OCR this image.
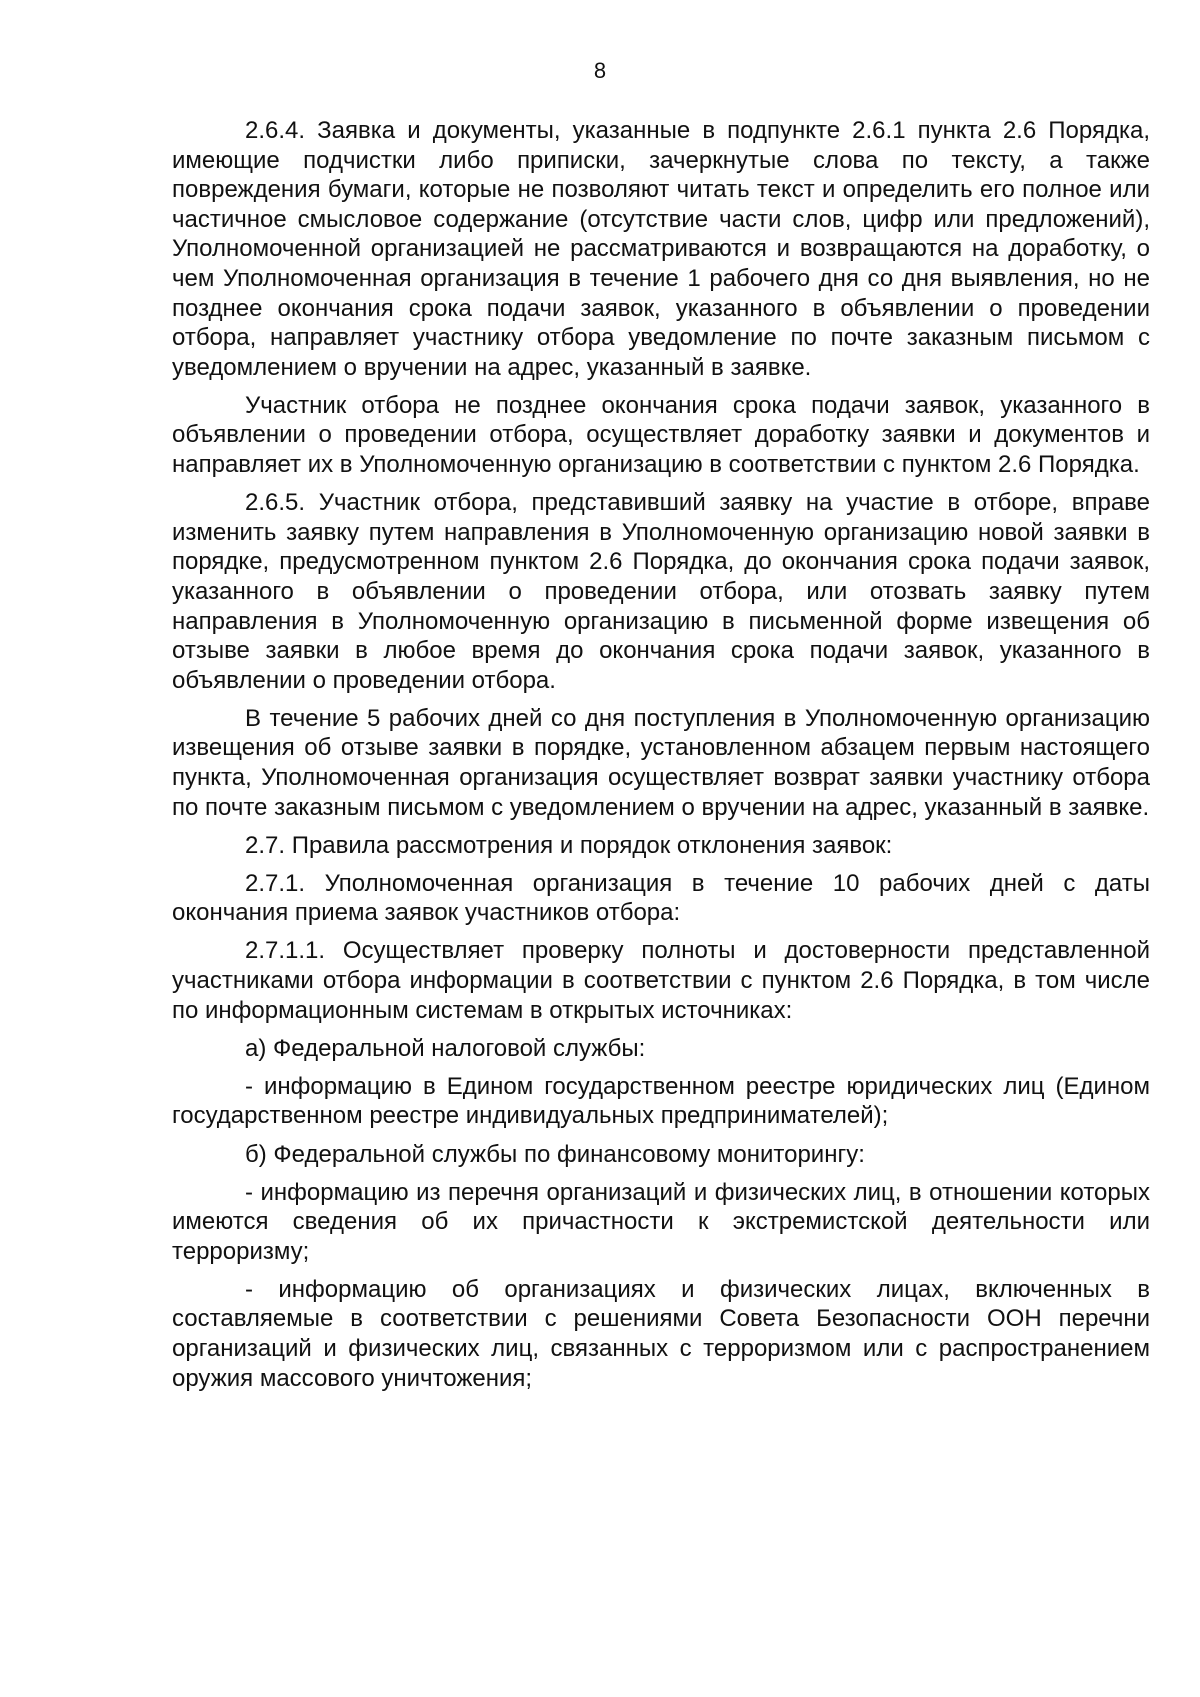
8

2.6.4. Заявка и документы, указанные в подпункте 2.6.1 пункта 2.6 Порядка, имеющие подчистки либо приписки, зачеркнутые слова по тексту, а также повреждения бумаги, которые не позволяют читать текст и определить его полное или частичное смысловое содержание (отсутствие части слов, цифр или предложений), Уполномоченной организацией не рассматриваются и возвращаются на доработку, о чем Уполномоченная организация в течение 1 рабочего дня со дня выявления, но не позднее окончания срока подачи заявок, указанного в объявлении о проведении отбора, направляет участнику отбора уведомление по почте заказным письмом с уведомлением о вручении на адрес, указанный в заявке.

Участник отбора не позднее окончания срока подачи заявок, указанного в объявлении о проведении отбора, осуществляет доработку заявки и документов и направляет их в Уполномоченную организацию в соответствии с пунктом 2.6 Порядка.

2.6.5. Участник отбора, представивший заявку на участие в отборе, вправе изменить заявку путем направления в Уполномоченную организацию новой заявки в порядке, предусмотренном пунктом 2.6 Порядка, до окончания срока подачи заявок, указанного в объявлении о проведении отбора, или отозвать заявку путем направления в Уполномоченную организацию в письменной форме извещения об отзыве заявки в любое время до окончания срока подачи заявок, указанного в объявлении о проведении отбора.

В течение 5 рабочих дней со дня поступления в Уполномоченную организацию извещения об отзыве заявки в порядке, установленном абзацем первым настоящего пункта, Уполномоченная организация осуществляет возврат заявки участнику отбора по почте заказным письмом с уведомлением о вручении на адрес, указанный в заявке.

2.7. Правила рассмотрения и порядок отклонения заявок:

2.7.1. Уполномоченная организация в течение 10 рабочих дней с даты окончания приема заявок участников отбора:

2.7.1.1. Осуществляет проверку полноты и достоверности представленной участниками отбора информации в соответствии с пунктом 2.6 Порядка, в том числе по информационным системам в открытых источниках:

а) Федеральной налоговой службы:

- информацию в Едином государственном реестре юридических лиц (Едином государственном реестре индивидуальных предпринимателей);

б) Федеральной службы по финансовому мониторингу:

- информацию из перечня организаций и физических лиц, в отношении которых имеются сведения об их причастности к экстремистской деятельности или терроризму;

- информацию об организациях и физических лицах, включенных в составляемые в соответствии с решениями Совета Безопасности ООН перечни организаций и физических лиц, связанных с терроризмом или с распространением оружия массового уничтожения;
